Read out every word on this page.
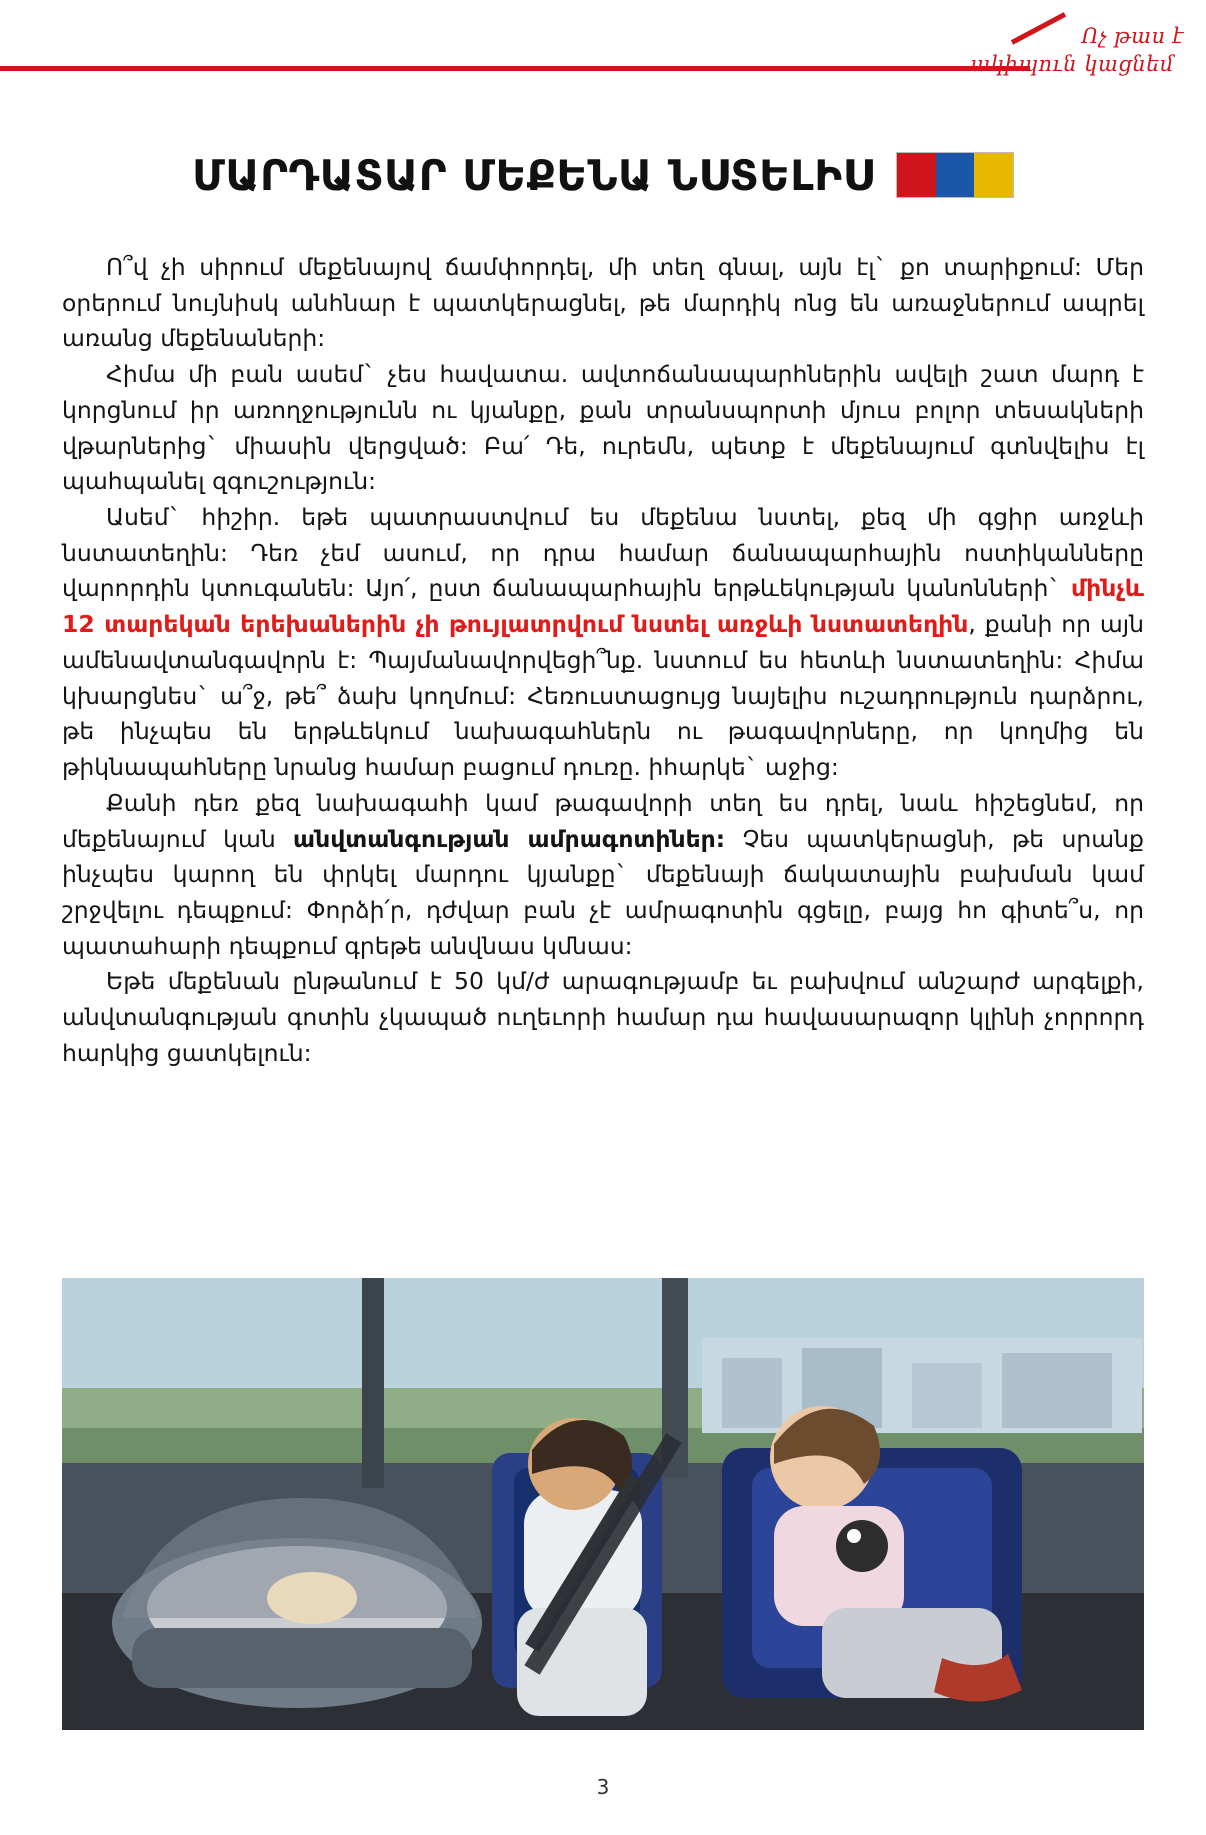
Ոչ թաս է
ակիպուն կացնեմ
ՄԱՐԴԱՏԱՐ ՄԵՔԵՆԱ ՆՍՏԵԼԻՍ

Ո՞վ չի սիրում մեքենայով ճամփորդել, մի տեղ գնալ, այն էլ` քո տարիքում: Մեր օրերում նույնիսկ անհնար է պատկերացնել, թե մարդիկ ոնց են առաջներում ապրել առանց մեքենաների:

Հիմա մի բան ասեմ` չես հավատա. ավտոճանապարհներին ավելի շատ մարդ է կորցնում իր առողջությունն ու կյանքը, քան տրանսպորտի մյուս բոլոր տեսակների վթարներից` միասին վերցված: Բա՛ Դե, ուրեմն, պետք է մեքենայում գտնվելիս էլ պահպանել զգուշություն:

Ասեմ` հիշիր. եթե պատրաստվում ես մեքենա նստել, քեզ մի գցիր առջևի նստատեղին: Դեռ չեմ ասում, որ դրա համար ճանապարհային ոստիկանները վարորդին կտուգանեն: Այո՛, ըստ ճանապարհային երթևեկության կանոնների` մինչև 12 տարեկան երեխաներին չի թույլատրվում նստել առջևի նստատեղին, քանի որ այն ամենավտանգավորն է: Պայմանավորվեցի՞նք. նստում ես հետևի նստատեղին: Հիմա կխարցնես` ա՞ջ, թե՞ ձախ կողմում: Հեռուստացույց նայելիս ուշադրություն դարձրու, թե ինչպես են երթևեկում նախագահներն ու թագավորները, որ կողմից են թիկնապահները նրանց համար բացում դուռը. իհարկե` աջից:

Քանի դեռ քեզ նախագահի կամ թագավորի տեղ ես դրել, նաև հիշեցնեմ, որ մեքենայում կան անվտանգության ամրագոտիներ: Չես պատկերացնի, թե սրանք ինչպես կարող են փրկել մարդու կյանքը` մեքենայի ճակատային բախման կամ շրջվելու դեպքում: Փորձի՛ր, դժվար բան չէ ամրագոտին գցելը, բայց հո գիտե՞ս, որ պատահարի դեպքում գրեթե անվնաս կմնաս:

Եթե մեքենան ընթանում է 50 կմ/ժ արագությամբ եւ բախվում անշարժ արգելքի, անվտանգության գոտին չկապած ուղեւորի համար դա հավասարազոր կլինի չորրորդ հարկից ցատկելուն:

3
